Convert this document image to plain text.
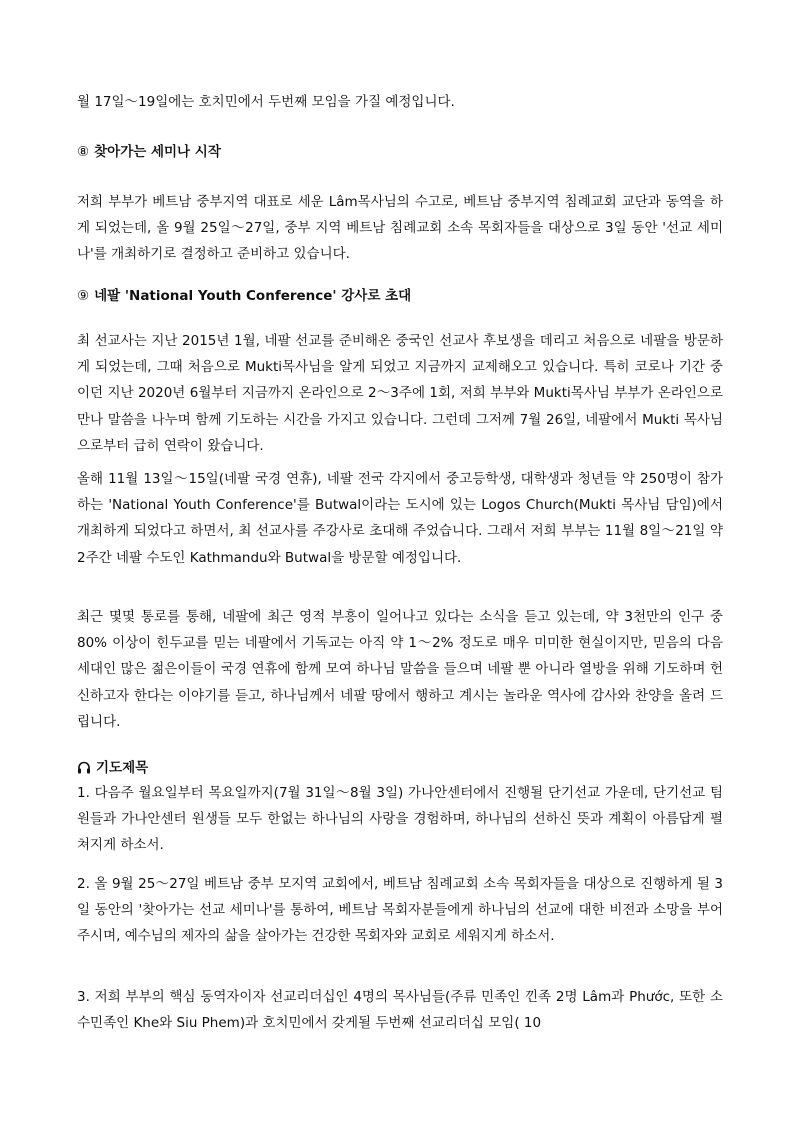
월 17일～19일에는 호치민에서 두번째 모임을 가질 예정입니다.

⑧ 찾아가는 세미나 시작

저희 부부가 베트남 중부지역 대표로 세운 Lâm목사님의 수고로, 베트남 중부지역 침례교회 교단과 동역을 하게 되었는데, 올 9월 25일～27일, 중부 지역 베트남 침례교회 소속 목회자들을 대상으로 3일 동안 '선교 세미나'를 개최하기로 결정하고 준비하고 있습니다.

⑨ 네팔 'National Youth Conference' 강사로 초대

최 선교사는 지난 2015년 1월, 네팔 선교를 준비해온 중국인 선교사 후보생을 데리고 처음으로 네팔을 방문하게 되었는데, 그때 처음으로 Mukti목사님을 알게 되었고 지금까지 교제해오고 있습니다. 특히 코로나 기간 중이던 지난 2020년 6월부터 지금까지 온라인으로 2～3주에 1회, 저희 부부와 Mukti목사님 부부가 온라인으로 만나 말씀을 나누며 함께 기도하는 시간을 가지고 있습니다. 그런데 그저께 7월 26일, 네팔에서 Mukti 목사님으로부터 급히 연락이 왔습니다.

올해 11월 13일～15일(네팔 국경 연휴), 네팔 전국 각지에서 중고등학생, 대학생과 청년들 약 250명이 참가하는 'National Youth Conference'를 Butwal이라는 도시에 있는 Logos Church(Mukti 목사님 담임)에서 개최하게 되었다고 하면서, 최 선교사를 주강사로 초대해 주었습니다. 그래서 저희 부부는 11월 8일～21일 약 2주간 네팔 수도인 Kathmandu와 Butwal을 방문할 예정입니다.

최근 몇몇 통로를 통해, 네팔에 최근 영적 부흥이 일어나고 있다는 소식을 듣고 있는데, 약 3천만의 인구 중 80% 이상이 힌두교를 믿는 네팔에서 기독교는 아직 약 1～2% 정도로 매우 미미한 현실이지만, 믿음의 다음세대인 많은 젊은이들이 국경 연휴에 함께 모여 하나님 말씀을 들으며 네팔 뿐 아니라 열방을 위해 기도하며 헌신하고자 한다는 이야기를 듣고, 하나님께서 네팔 땅에서 행하고 계시는 놀라운 역사에 감사와 찬양을 올려 드립니다.

기도제목

1. 다음주 월요일부터 목요일까지(7월 31일～8월 3일) 가나안센터에서 진행될 단기선교 가운데, 단기선교 팀원들과 가나안센터 원생들 모두 한없는 하나님의 사랑을 경험하며, 하나님의 선하신 뜻과 계획이 아름답게 펼쳐지게 하소서.

2. 올 9월 25～27일 베트남 중부 모지역 교회에서, 베트남 침례교회 소속 목회자들을 대상으로 진행하게 될 3일 동안의 '찾아가는 선교 세미나'를 통하여, 베트남 목회자분들에게 하나님의 선교에 대한 비전과 소망을 부어주시며, 예수님의 제자의 삶을 살아가는 건강한 목회자와 교회로 세워지게 하소서.

3. 저희 부부의 핵심 동역자이자 선교리더십인 4명의 목사님들(주류 민족인 낀족 2명 Lâm과 Phước, 또한 소수민족인 Khe와 Siu Phem)과 호치민에서 갖게될 두번째 선교리더십 모임( 10
